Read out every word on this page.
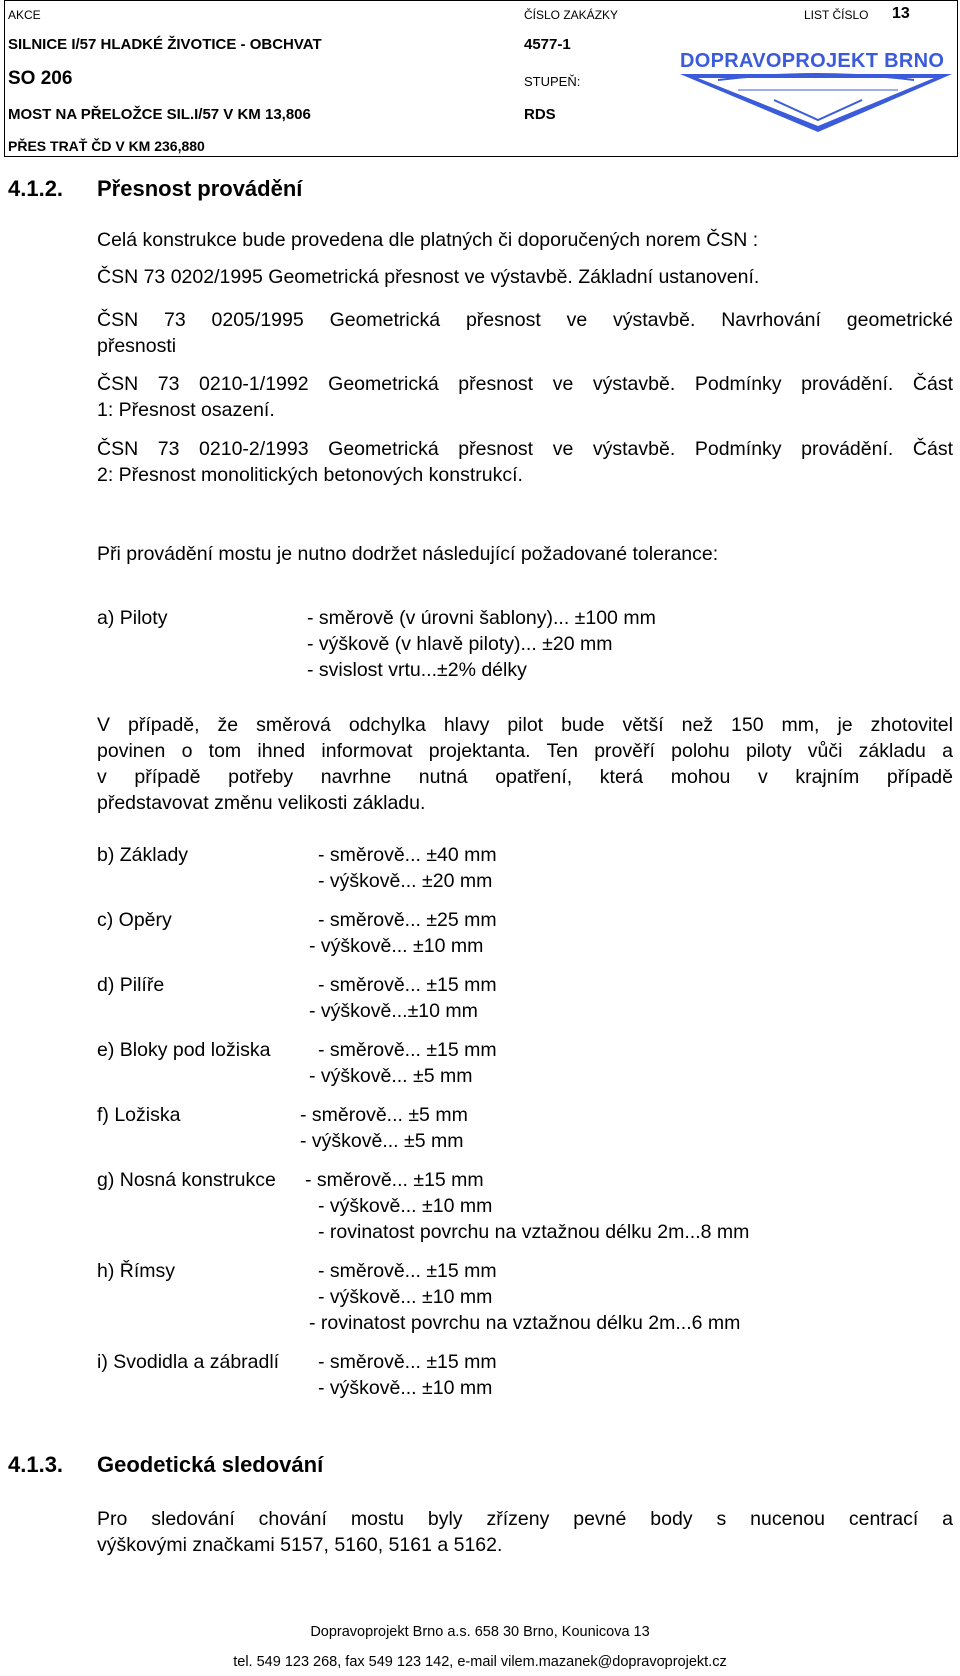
AKCE	ČÍSLO ZAKÁZKY	LIST ČÍSLO 13
SILNICE I/57 HLADKÉ ŽIVOTICE - OBCHVAT	4577-1
SO 206	STUPEŇ:
MOST NA PŘELOŽCE SIL.I/57 V KM 13,806	RDS
PŘES TRAŤ ČD V KM 236,880
DOPRAVOPROJEKT BRNO
4.1.2. Přesnost provádění
Celá konstrukce bude provedena dle platných či doporučených norem ČSN :
ČSN 73 0202/1995 Geometrická přesnost ve výstavbě. Základní ustanovení.
ČSN 73 0205/1995 Geometrická přesnost ve výstavbě. Navrhování geometrické
přesnosti
ČSN 73 0210-1/1992 Geometrická přesnost ve výstavbě. Podmínky provádění. Část
1: Přesnost osazení.
ČSN 73 0210-2/1993 Geometrická přesnost ve výstavbě. Podmínky provádění. Část
2: Přesnost monolitických betonových konstrukcí.
Při provádění mostu je nutno dodržet následující požadované tolerance:
a) Piloty	- směrově (v úrovni šablony)... ±100 mm
- výškově (v hlavě piloty)... ±20 mm
- svislost vrtu...±2% délky
V případě, že směrová odchylka hlavy pilot bude větší než 150 mm, je zhotovitel
povinen o tom ihned informovat projektanta. Ten prověří polohu piloty vůči základu a
v případě potřeby navrhne nutná opatření, která mohou v krajním případě
představovat změnu velikosti základu.
b) Základy	- směrově... ±40 mm
- výškově... ±20 mm
c) Opěry	- směrově... ±25 mm
- výškově... ±10 mm
d) Pilíře	- směrově... ±15 mm
- výškově...±10 mm
e) Bloky pod ložiska - směrově... ±15 mm
- výškově... ±5 mm
f) Ložiska	- směrově... ±5 mm
- výškově... ±5 mm
g) Nosná konstrukce - směrově... ±15 mm
- výškově... ±10 mm
- rovinatost povrchu na vztažnou délku 2m...8 mm
h) Římsy	- směrově... ±15 mm
- výškově... ±10 mm
- rovinatost povrchu na vztažnou délku 2m...6 mm
i) Svodidla a zábradlí - směrově... ±15 mm
- výškově... ±10 mm
4.1.3. Geodetická sledování
Pro sledování chování mostu byly zřízeny pevné body s nucenou centrací a
výškovými značkami 5157, 5160, 5161 a 5162.
Dopravoprojekt Brno a.s. 658 30 Brno, Kounicova 13
tel. 549 123 268, fax 549 123 142, e-mail vilem.mazanek@dopravoprojekt.cz
